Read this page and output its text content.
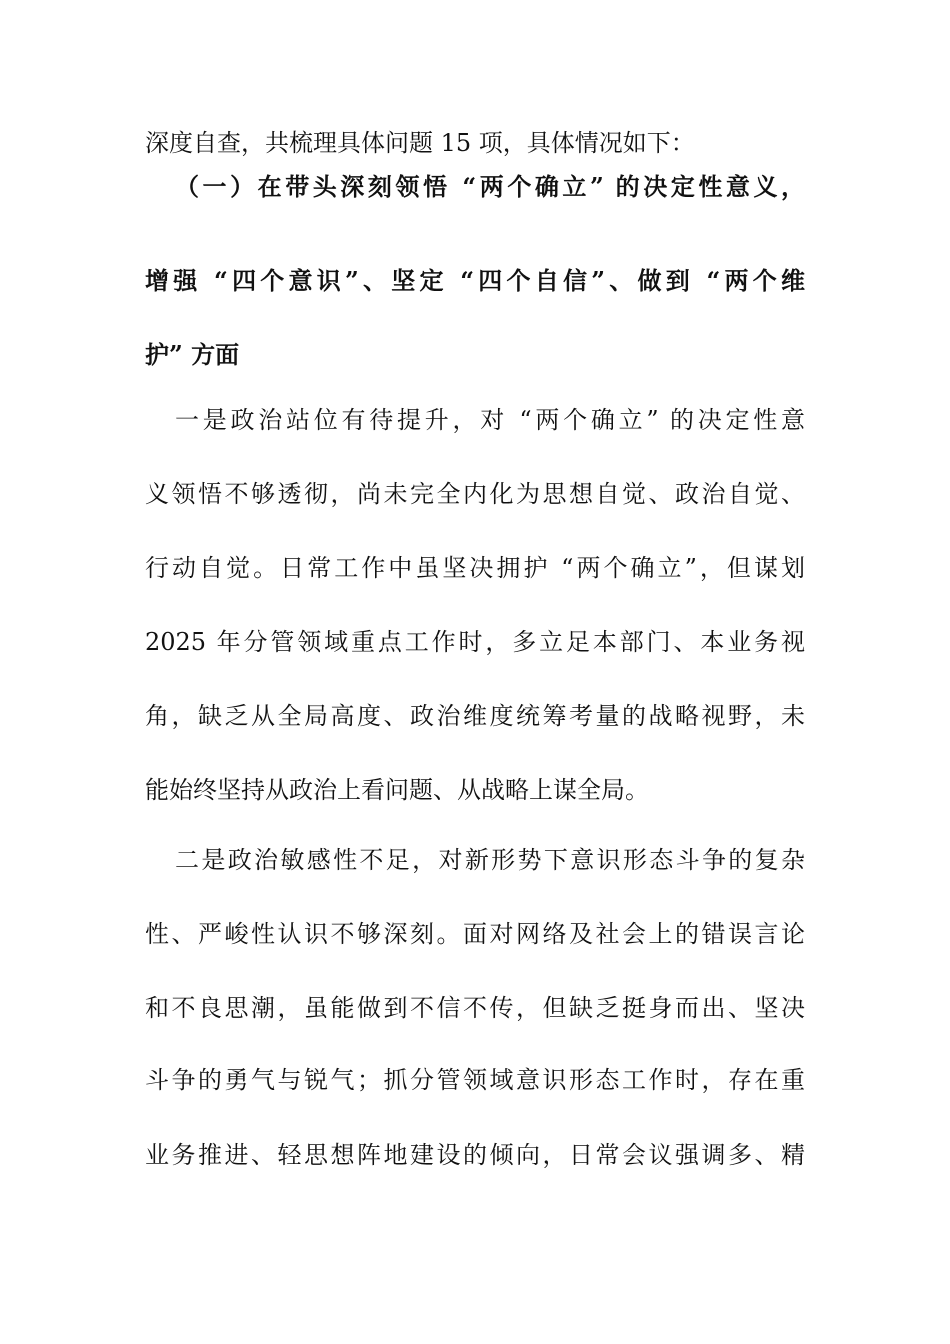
深度自查，共梳理具体问题 15 项，具体情况如下：
（一）在带头深刻领悟 “两个确立” 的决定性意义，
增强 “四个意识”、坚定 “四个自信”、做到 “两个维
护” 方面
一是政治站位有待提升，对 “两个确立” 的决定性意
义领悟不够透彻，尚未完全内化为思想自觉、政治自觉、
行动自觉。日常工作中虽坚决拥护 “两个确立”，但谋划
2025 年分管领域重点工作时，多立足本部门、本业务视
角，缺乏从全局高度、政治维度统筹考量的战略视野，未
能始终坚持从政治上看问题、从战略上谋全局。
二是政治敏感性不足，对新形势下意识形态斗争的复杂
性、严峻性认识不够深刻。面对网络及社会上的错误言论
和不良思潮，虽能做到不信不传，但缺乏挺身而出、坚决
斗争的勇气与锐气；抓分管领域意识形态工作时，存在重
业务推进、轻思想阵地建设的倾向，日常会议强调多、精
